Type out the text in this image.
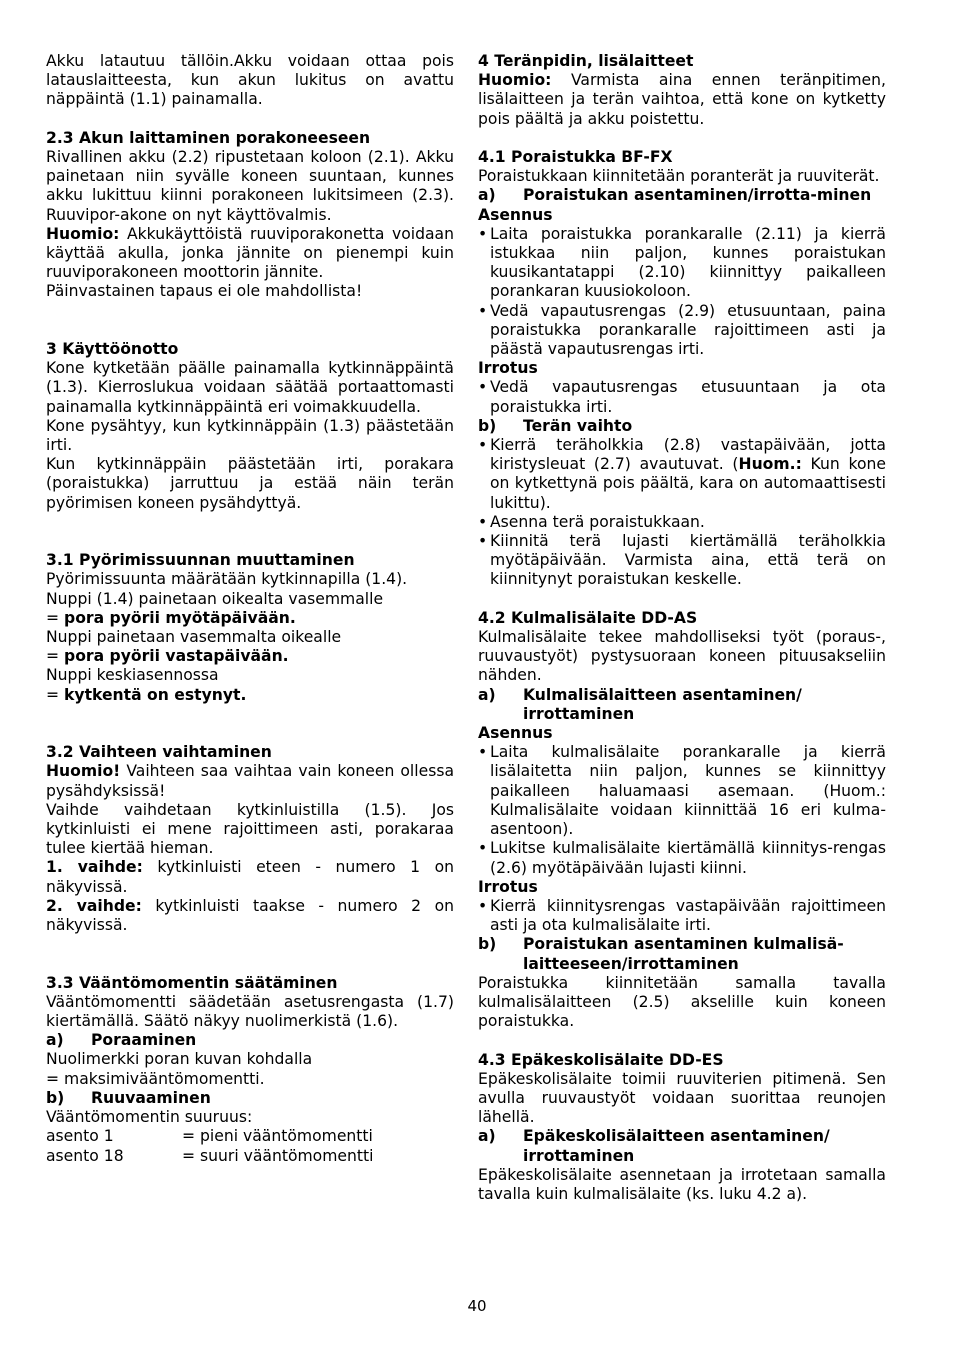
Akku latautuu tällöin.Akku voidaan ottaa pois latauslaitteesta, kun akun lukitus on avattu näppäintä (1.1) painamalla.

2.3 Akun laittaminen porakoneeseen

Rivallinen akku (2.2) ripustetaan koloon (2.1). Akku painetaan niin syvälle koneen suuntaan, kunnes akku lukittuu kiinni porakoneen lukitsimeen (2.3). Ruuvipor-akone on nyt käyttövalmis.

Huomio: Akkukäyttöistä ruuviporakonetta voidaan käyttää akulla, jonka jännite on pienempi kuin ruuviporakoneen moottorin jännite.

Päinvastainen tapaus ei ole mahdollista!

3 Käyttöönotto

Kone kytketään päälle painamalla kytkinnäppäintä (1.3). Kierroslukua voidaan säätää portaattomasti painamalla kytkinnäppäintä eri voimakkuudella.

Kone pysähtyy, kun kytkinnäppäin (1.3) päästetään irti.

Kun kytkinnäppäin päästetään irti, porakara (poraistukka) jarruttuu ja estää näin terän pyörimisen koneen pysähdyttyä.

3.1 Pyörimissuunnan muuttaminen

Pyörimissuunta määrätään kytkinnapilla (1.4).

Nuppi (1.4) painetaan oikealta vasemmalle

= pora pyörii myötäpäivään.

Nuppi painetaan vasemmalta oikealle

= pora pyörii vastapäivään.

Nuppi keskiasennossa

= kytkentä on estynyt.

3.2 Vaihteen vaihtaminen

Huomio! Vaihteen saa vaihtaa vain koneen ollessa pysähdyksissä!

Vaihde vaihdetaan kytkinluistilla (1.5). Jos kytkinluisti ei mene rajoittimeen asti, porakaraa tulee kiertää hieman.

1. vaihde: kytkinluisti eteen - numero 1 on näkyvissä.

2. vaihde: kytkinluisti taakse - numero 2 on näkyvissä.

3.3 Vääntömomentin säätäminen

Vääntömomentti säädetään asetusrengasta (1.7) kiertämällä. Säätö näkyy nuolimerkistä (1.6).

a) Poraaminen

Nuolimerkki poran kuvan kohdalla

= maksimivääntömomentti.

b) Ruuvaaminen

Vääntömomentin suuruus:

asento 1	= pieni vääntömomentti
asento 18	= suuri vääntömomentti

4 Teränpidin, lisälaitteet

Huomio: Varmista aina ennen teränpitimen, lisälaitteen ja terän vaihtoa, että kone on kytketty pois päältä ja akku poistettu.

4.1 Poraistukka BF-FX

Poraistukkaan kiinnitetään poranterät ja ruuviterät.

a) Poraistukan asentaminen/irrotta-minen

Asennus

• Laita poraistukka porankaralle (2.11) ja kierrä istukkaa niin paljon, kunnes poraistukan kuusikantatappi (2.10) kiinnittyy paikalleen porankaran kuusiokoloon.

• Vedä vapautusrengas (2.9) etusuuntaan, paina poraistukka porankaralle rajoittimeen asti ja päästä vapautusrengas irti.

Irrotus

• Vedä vapautusrengas etusuuntaan ja ota poraistukka irti.

b) Terän vaihto

• Kierrä teräholkkia (2.8) vastapäivään, jotta kiristysleuat (2.7) avautuvat. (Huom.: Kun kone on kytkettynä pois päältä, kara on automaattisesti lukittu).

• Asenna terä poraistukkaan.

• Kiinnitä terä lujasti kiertämällä teräholkkia myötäpäivään. Varmista aina, että terä on kiinnitynyt poraistukan keskelle.

4.2 Kulmalisälaite DD-AS

Kulmalisälaite tekee mahdolliseksi työt (poraus-, ruuvaustyöt) pystysuoraan koneen pituusakseliin nähden.

a) Kulmalisälaitteen asentaminen/ irrottaminen

Asennus

• Laita kulmalisälaite porankaralle ja kierrä lisälaitetta niin paljon, kunnes se kiinnittyy paikalleen haluamaasi asemaan. (Huom.: Kulmalisälaite voidaan kiinnittää 16 eri kulma-asentoon).

• Lukitse kulmalisälaite kiertämällä kiinnitys-rengas (2.6) myötäpäivään lujasti kiinni.

Irrotus

• Kierrä kiinnitysrengas vastapäivään rajoittimeen asti ja ota kulmalisälaite irti.

b) Poraistukan asentaminen kulmalisä-laitteeseen/irrottaminen

Poraistukka kiinnitetään samalla tavalla kulmalisälaitteen (2.5) akselille kuin koneen poraistukka.

4.3 Epäkeskolisälaite DD-ES

Epäkeskolisälaite toimii ruuviterien pitimenä. Sen avulla ruuvaustyöt voidaan suorittaa reunojen lähellä.

a) Epäkeskolisälaitteen asentaminen/ irrottaminen

Epäkeskolisälaite asennetaan ja irrotetaan samalla tavalla kuin kulmalisälaite (ks. luku 4.2 a).

40
